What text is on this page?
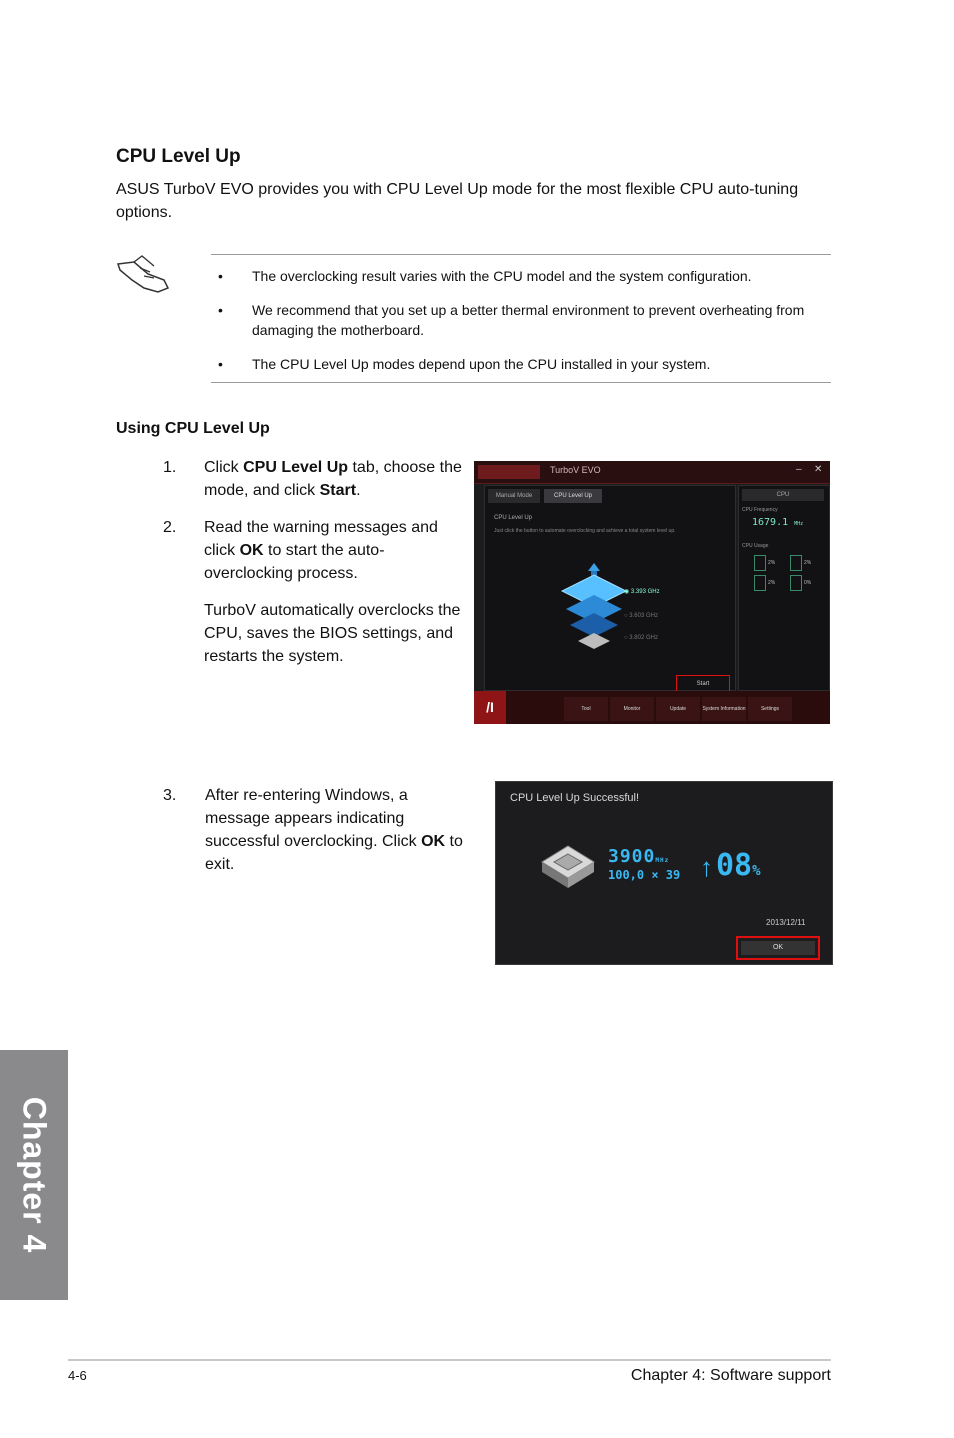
CPU Level Up
ASUS TurboV EVO provides you with CPU Level Up mode for the most flexible CPU auto-tuning options.
• The overclocking result varies with the CPU model and the system configuration.
• We recommend that you set up a better thermal environment to prevent overheating from damaging the motherboard.
• The CPU Level Up modes depend upon the CPU installed in your system.
Using CPU Level Up
1. Click CPU Level Up tab, choose the mode, and click Start.
2. Read the warning messages and click OK to start the auto-overclocking process.
TurboV automatically overclocks the CPU, saves the BIOS settings, and restarts the system.
TurboV EVO	– ✕
Manual Mode	CPU Level Up
CPU Level Up
Just click the button to automate overclocking and achieve a total system level up.
◉ 3.393 GHz
○ 3.603 GHz
○ 3.802 GHz
Start
CPU
CPU Frequency
1679.1 MHz
CPU Usage
2%	2%
2%	0%
/I	Tool	Monitor	Update	System Information	Settings
3. After re-entering Windows, a message appears indicating successful overclocking. Click OK to exit.
CPU Level Up Successful!
3900MHz
100,0 × 39 ↑ 08%
2013/12/11
OK
Chapter 4
4-6	Chapter 4: Software support
